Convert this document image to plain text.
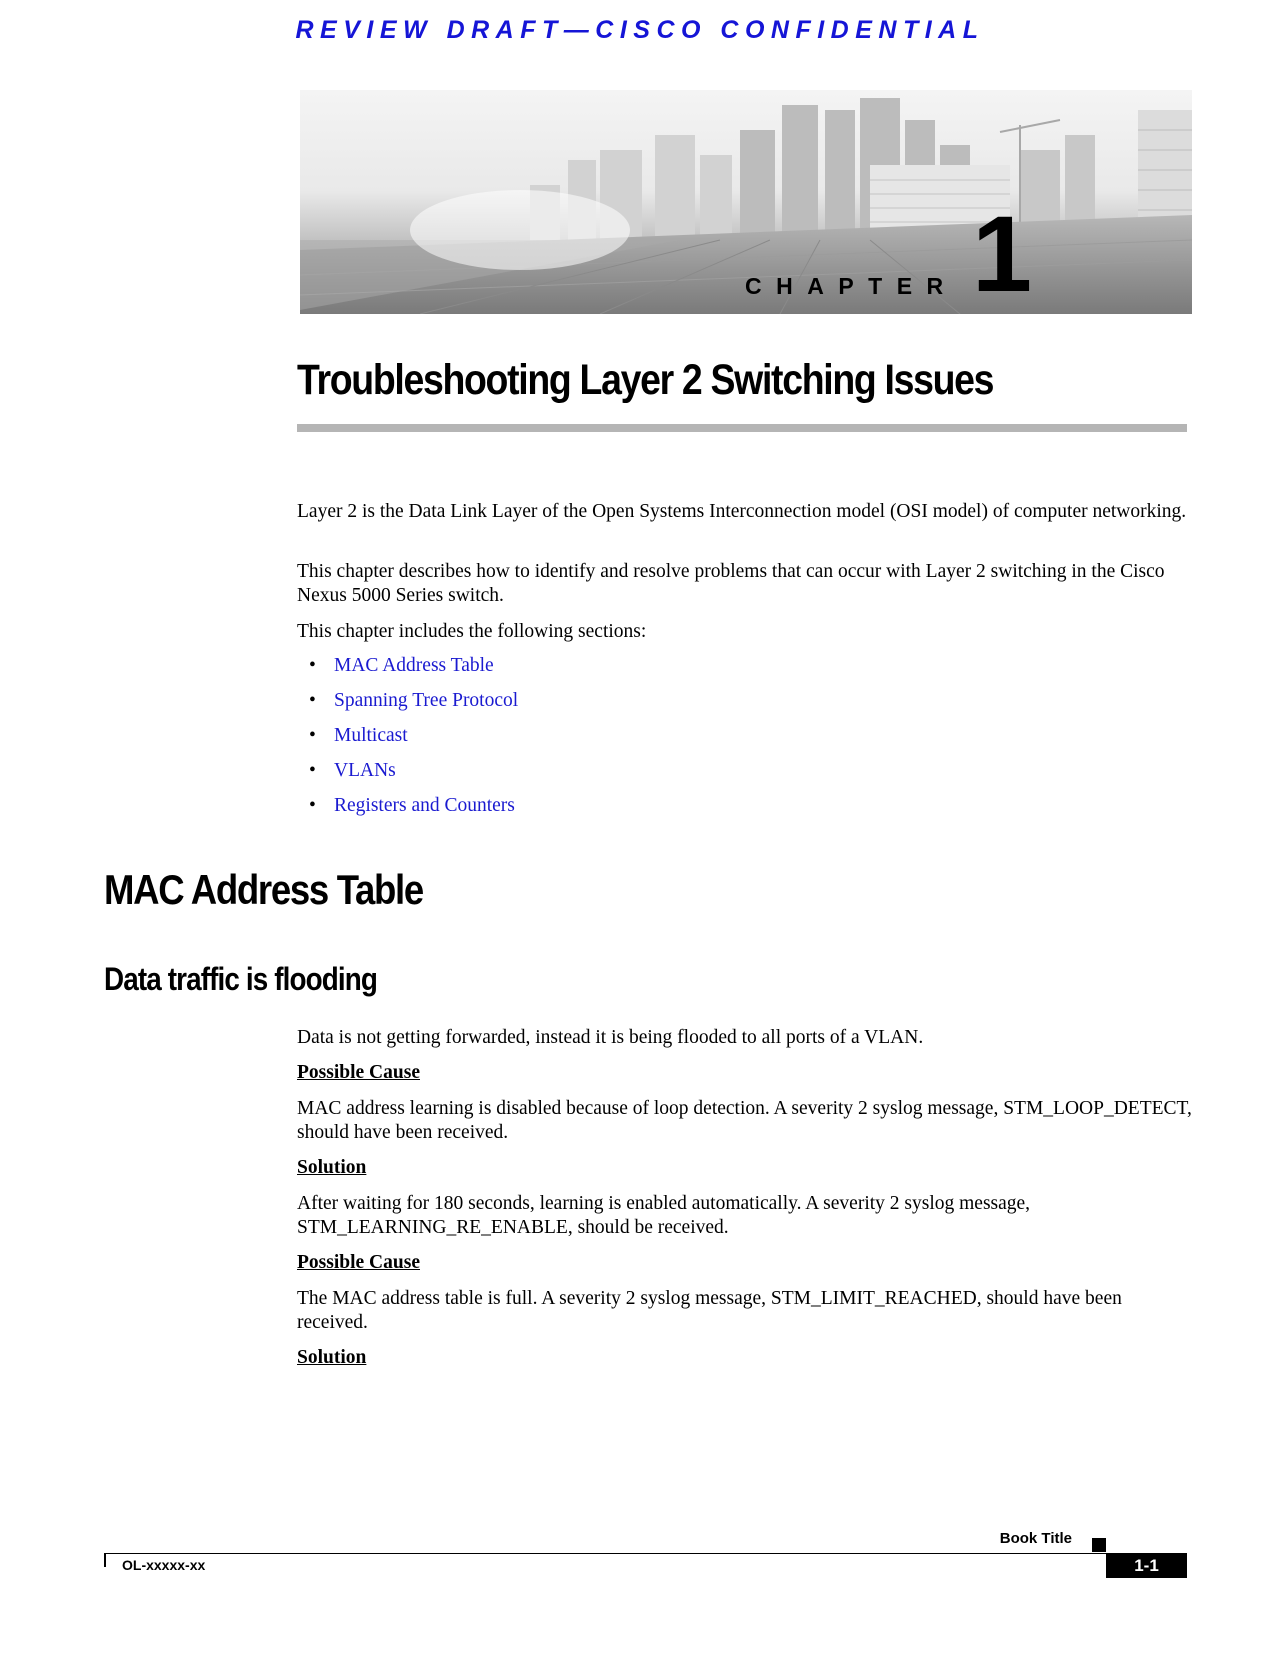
REVIEW DRAFT—CISCO CONFIDENTIAL
CHAPTER 1
Troubleshooting Layer 2 Switching Issues
Layer 2 is the Data Link Layer of the Open Systems Interconnection model (OSI model) of computer networking.
This chapter describes how to identify and resolve problems that can occur with Layer 2 switching in the Cisco Nexus 5000 Series switch.
This chapter includes the following sections:
• MAC Address Table
• Spanning Tree Protocol
• Multicast
• VLANs
• Registers and Counters
MAC Address Table
Data traffic is flooding
Data is not getting forwarded, instead it is being flooded to all ports of a VLAN.
Possible Cause
MAC address learning is disabled because of loop detection. A severity 2 syslog message, STM_LOOP_DETECT, should have been received.
Solution
After waiting for 180 seconds, learning is enabled automatically. A severity 2 syslog message, STM_LEARNING_RE_ENABLE, should be received.
Possible Cause
The MAC address table is full. A severity 2 syslog message, STM_LIMIT_REACHED, should have been received.
Solution
Book Title
OL-xxxxx-xx	1-1
